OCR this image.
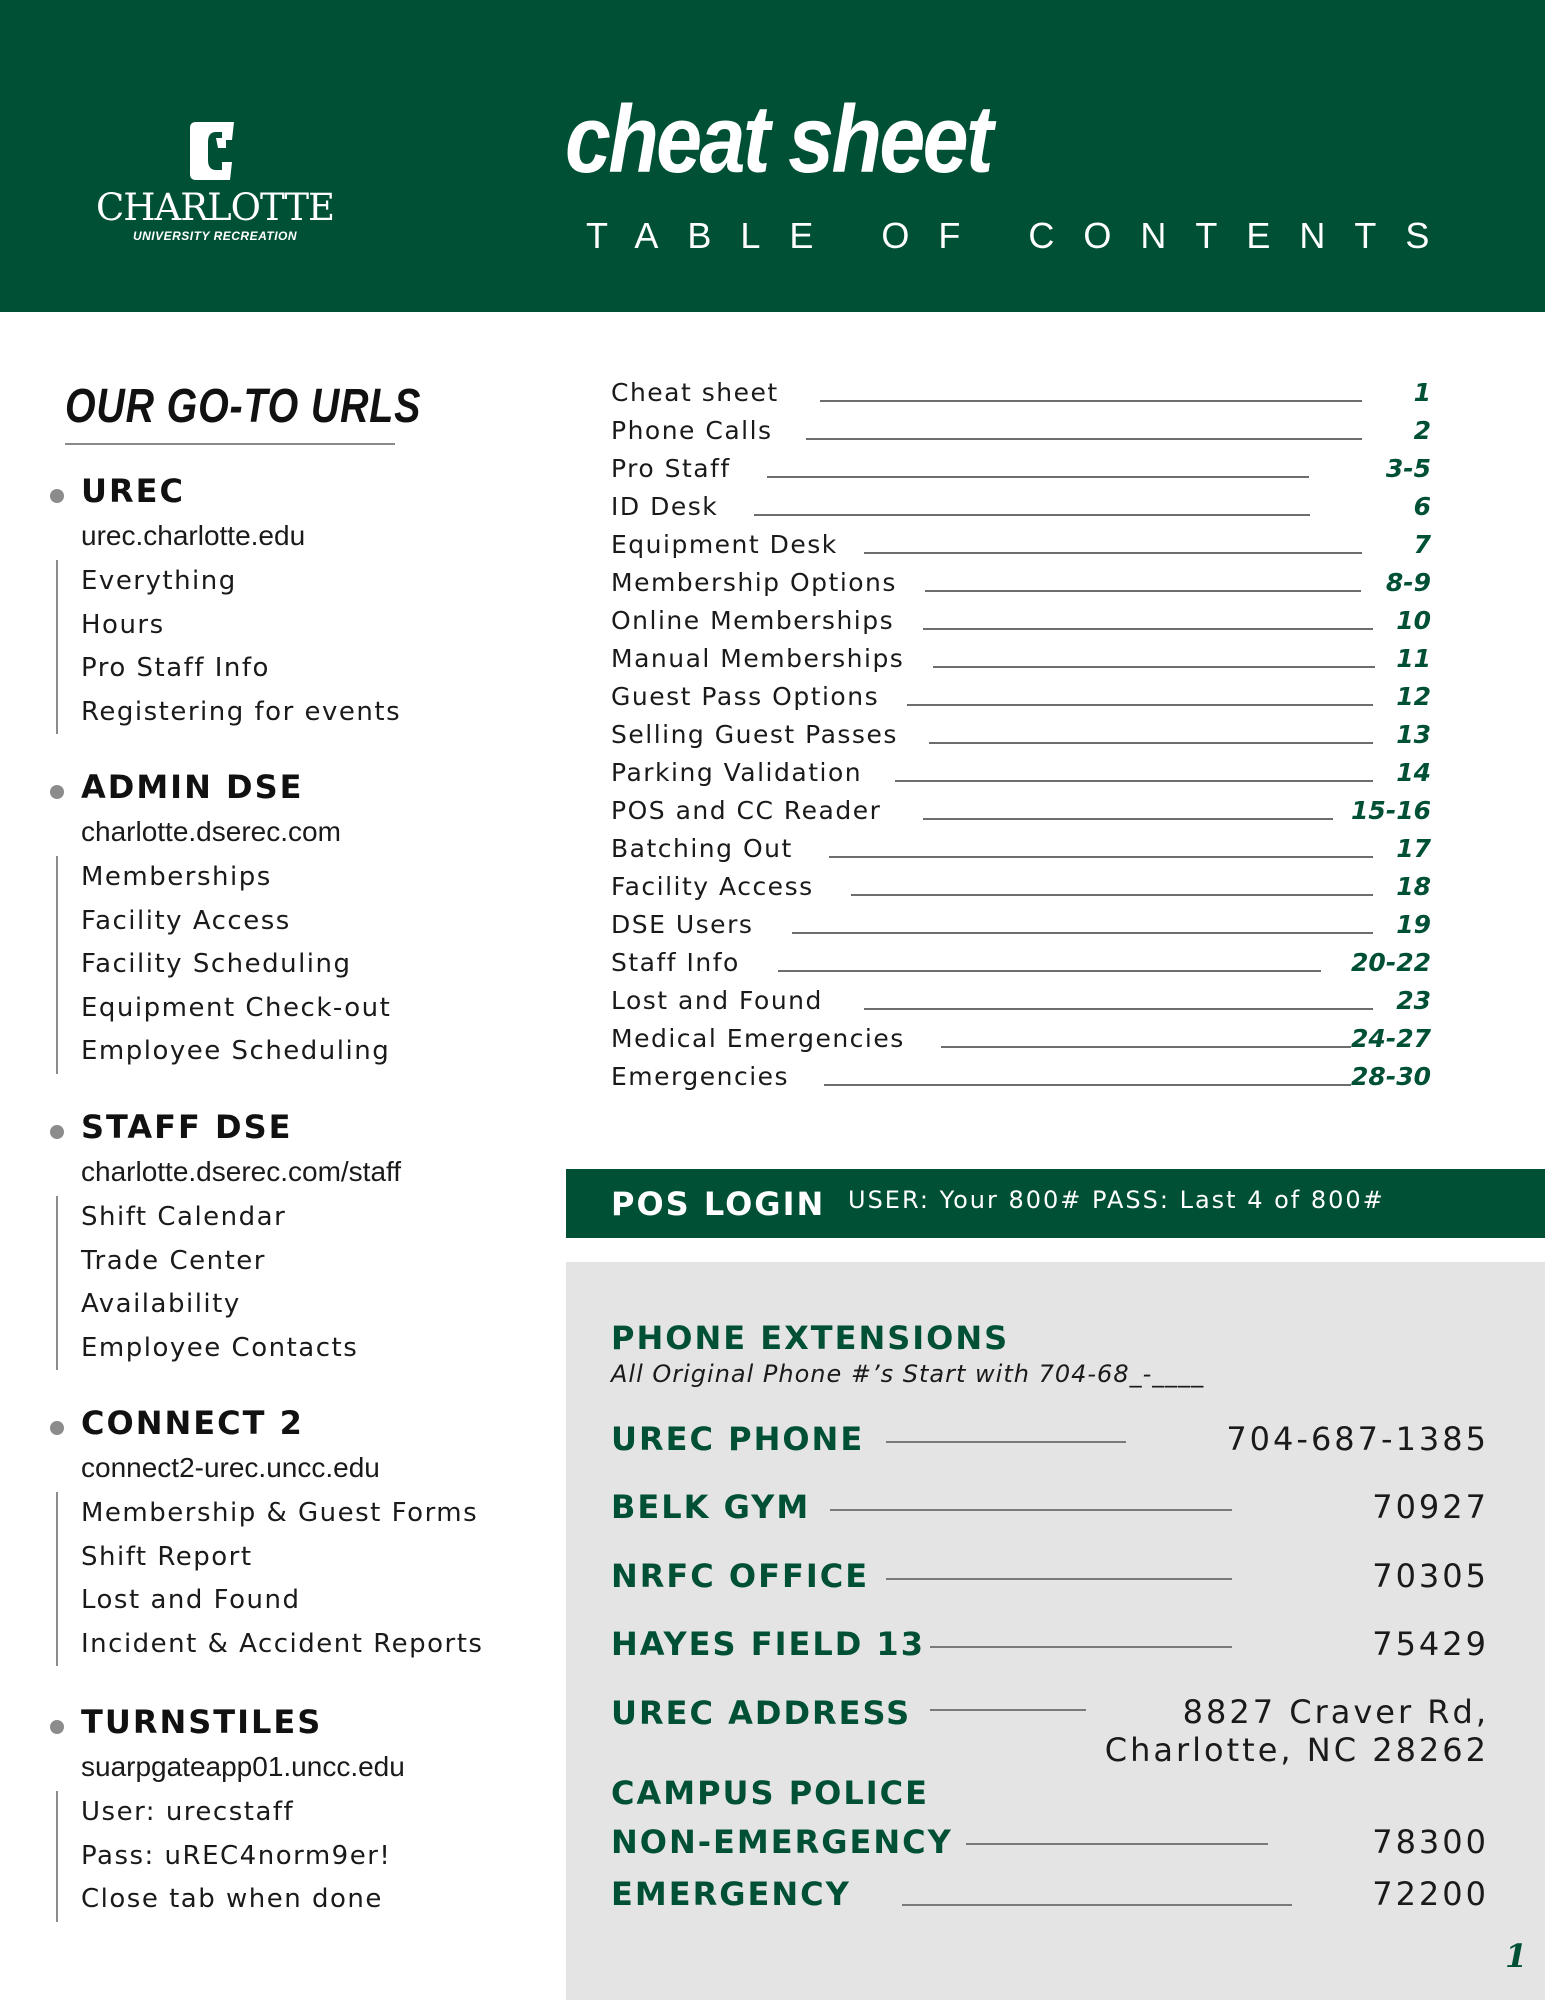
CHARLOTTE
UNIVERSITY RECREATION
cheat sheet
TABLE OF CONTENTS
OUR GO-TO URLS
UREC
urec.charlotte.edu
Everything
Hours
Pro Staff Info
Registering for events
ADMIN DSE
charlotte.dserec.com
Memberships
Facility Access
Facility Scheduling
Equipment Check-out
Employee Scheduling
STAFF DSE
charlotte.dserec.com/staff
Shift Calendar
Trade Center
Availability
Employee Contacts
CONNECT 2
connect2-urec.uncc.edu
Membership & Guest Forms
Shift Report
Lost and Found
Incident & Accident Reports
TURNSTILES
suarpgateapp01.uncc.edu
User: urecstaff
Pass: uREC4norm9er!
Close tab when done
Cheat sheet	1
Phone Calls	2
Pro Staff	3-5
ID Desk	6
Equipment Desk	7
Membership Options	8-9
Online Memberships	10
Manual Memberships	11
Guest Pass Options	12
Selling Guest Passes	13
Parking Validation	14
POS and CC Reader	15-16
Batching Out	17
Facility Access	18
DSE Users	19
Staff Info	20-22
Lost and Found	23
Medical Emergencies	24-27
Emergencies	28-30
POS LOGIN USER: Your 800# PASS: Last 4 of 800#
PHONE EXTENSIONS
All Original Phone #’s Start with 704-68_-____
UREC PHONE	704-687-1385
BELK GYM	70927
NRFC OFFICE	70305
HAYES FIELD 13	75429
UREC ADDRESS	8827 Craver Rd,
Charlotte, NC 28262
CAMPUS POLICE
NON-EMERGENCY	78300
EMERGENCY	72200
1
